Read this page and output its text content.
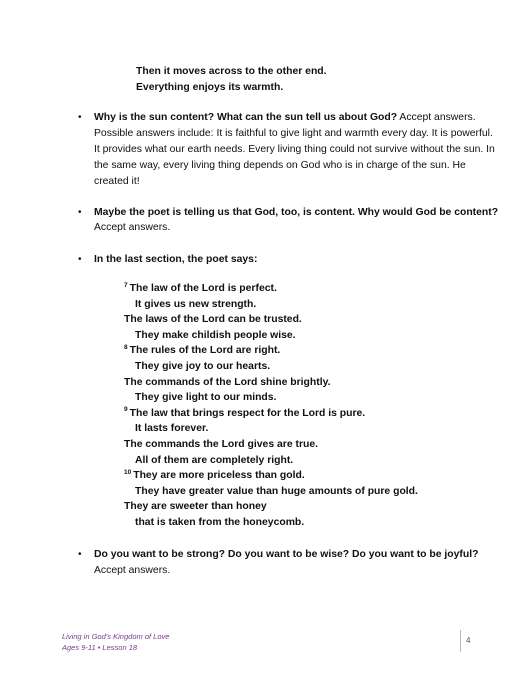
Then it moves across to the other end.
Everything enjoys its warmth.
• Why is the sun content? What can the sun tell us about God? Accept answers.
Possible answers include: It is faithful to give light and warmth every day. It is powerful.
It provides what our earth needs. Every living thing could not survive without the sun. In
the same way, every living thing depends on God who is in charge of the sun. He
created it!
• Maybe the poet is telling us that God, too, is content. Why would God be content?
Accept answers.
• In the last section, the poet says:
$^7$ The law of the Lord is perfect.
It gives us new strength.
The laws of the Lord can be trusted.
They make childish people wise.
$^8$ The rules of the Lord are right.
They give joy to our hearts.
The commands of the Lord shine brightly.
They give light to our minds.
$^9$ The law that brings respect for the Lord is pure.
It lasts forever.
The commands the Lord gives are true.
All of them are completely right.
$^{10}$ They are more priceless than gold.
They have greater value than huge amounts of pure gold.
They are sweeter than honey
that is taken from the honeycomb.
• Do you want to be strong? Do you want to be wise? Do you want to be joyful?
Accept answers.
Living in God’s Kingdom of Love
Ages 9-11 • Lesson 18
4
